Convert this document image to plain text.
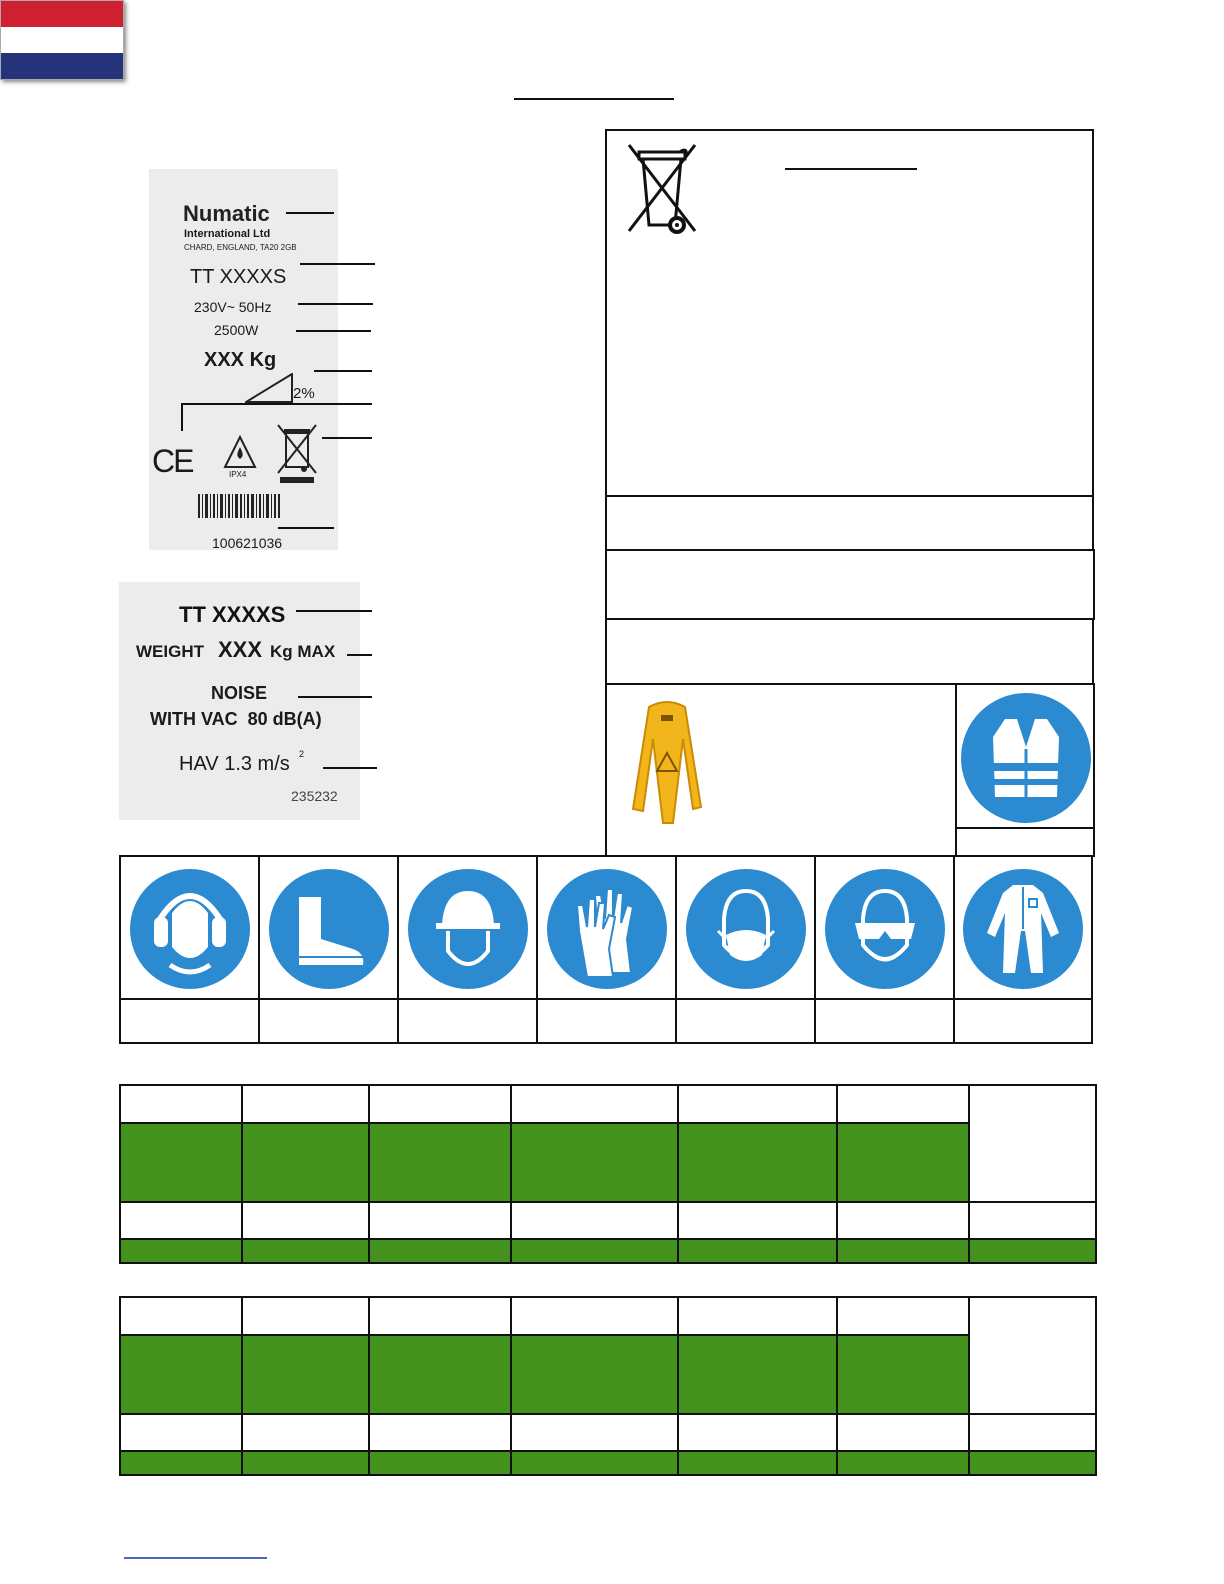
Numatic
International Ltd
CHARD, ENGLAND, TA20 2GB
TT XXXXS
230V~ 50Hz
2500W
XXX Kg
2%
CE	IPX4
100621036
TT XXXXS
WEIGHT XXX Kg MAX
NOISE
WITH VAC  80 dB(A)
HAV 1.3 m/s 2
235232
